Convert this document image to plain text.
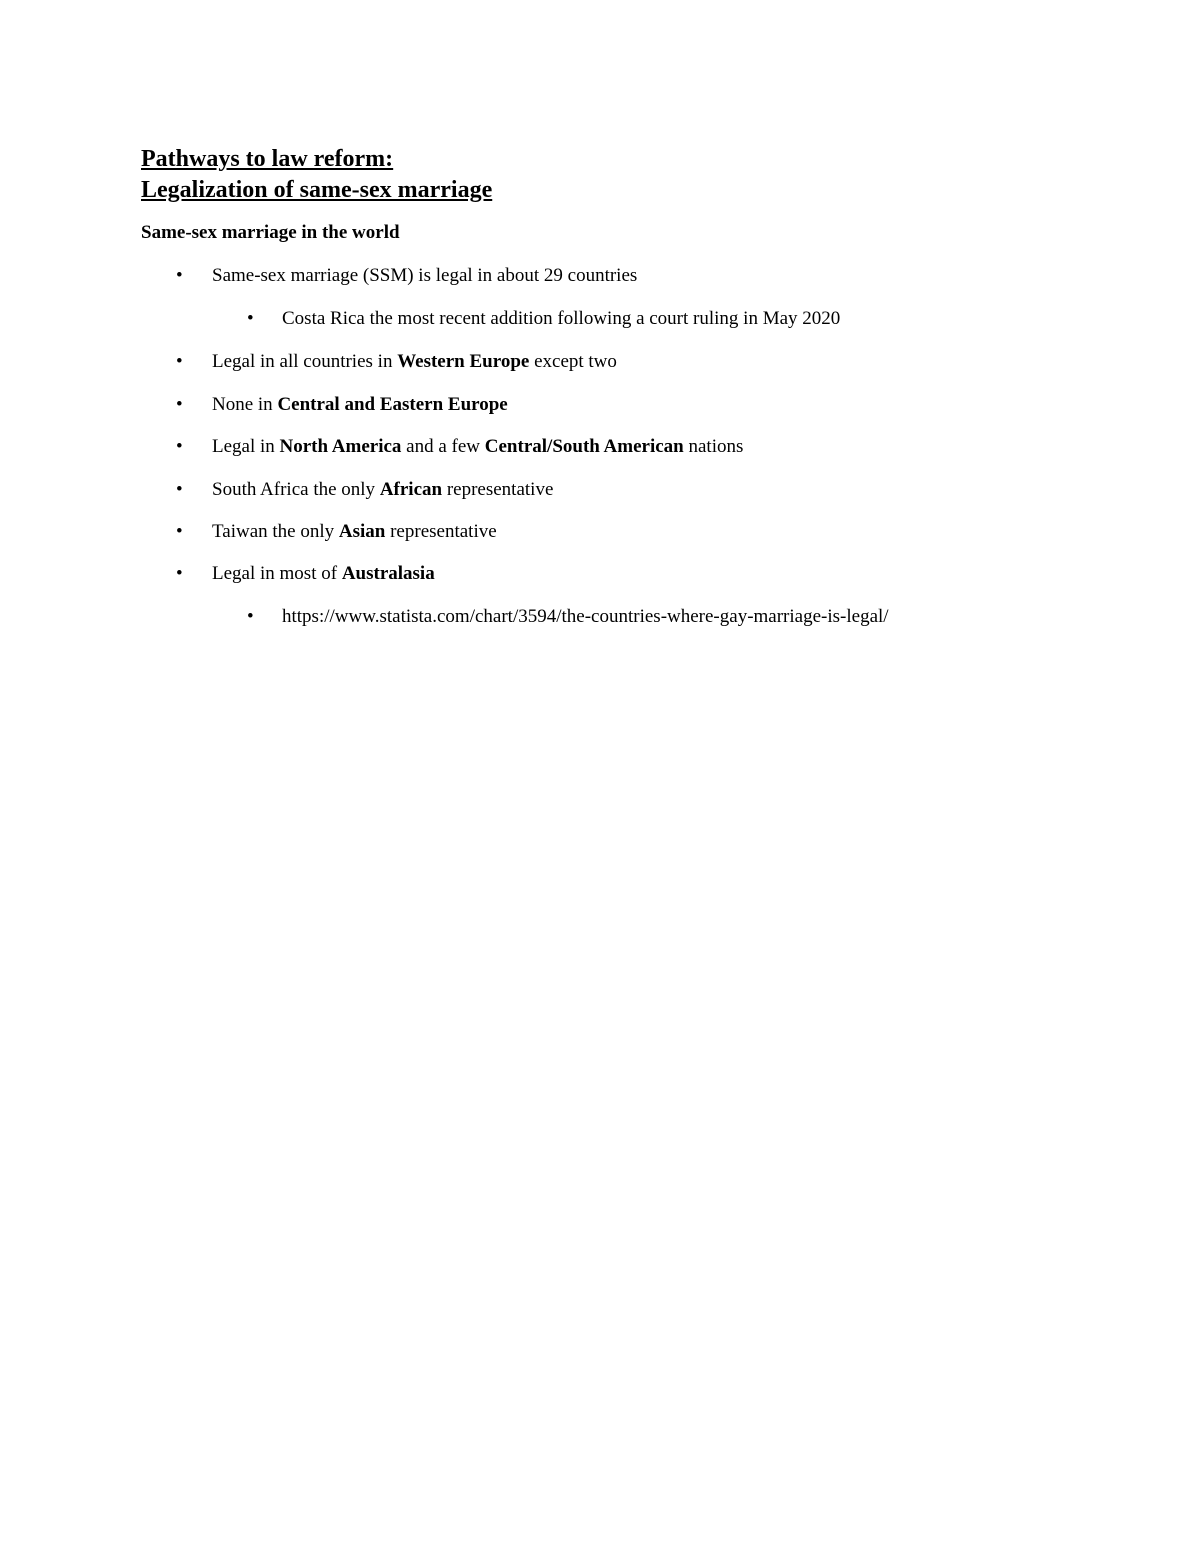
Pathways to law reform:
Legalization of same-sex marriage
Same-sex marriage in the world
•	Same-sex marriage (SSM) is legal in about 29 countries
•	Costa Rica the most recent addition following a court ruling in May 2020
•	Legal in all countries in Western Europe except two
•	None in Central and Eastern Europe
•	Legal in North America and a few Central/South American nations
•	South Africa the only African representative
•	Taiwan the only Asian representative
•	Legal in most of Australasia
•	https://www.statista.com/chart/3594/the-countries-where-gay-marriage-is-legal/
